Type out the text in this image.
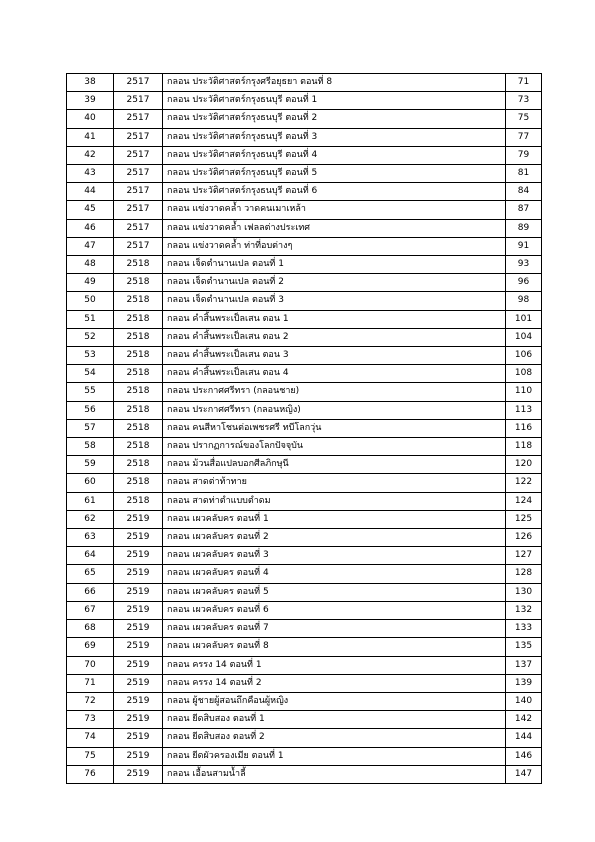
38	2517	กลอน ประวัติศาสตร์กรุงศรีอยุธยา ตอนที่ 8	71
39	2517	กลอน ประวัติศาสตร์กรุงธนบุรี ตอนที่ 1	73
40	2517	กลอน ประวัติศาสตร์กรุงธนบุรี ตอนที่ 2	75
41	2517	กลอน ประวัติศาสตร์กรุงธนบุรี ตอนที่ 3	77
42	2517	กลอน ประวัติศาสตร์กรุงธนบุรี ตอนที่ 4	79
43	2517	กลอน ประวัติศาสตร์กรุงธนบุรี ตอนที่ 5	81
44	2517	กลอน ประวัติศาสตร์กรุงธนบุรี ตอนที่ 6	84
45	2517	กลอน แข่งวาดคล้ำ วาดคนเมาเหล้า	87
46	2517	กลอน แข่งวาดคล้ำ เฟลลต่างประเทศ	89
47	2517	กลอน แข่งวาดคล้ำ ท่าที่อบต่างๆ	91
48	2518	กลอน เจ็ดตำนานเปล ตอนที่ 1	93
49	2518	กลอน เจ็ดตำนานเปล ตอนที่ 2	96
50	2518	กลอน เจ็ดตำนานเปล ตอนที่ 3	98
51	2518	กลอน คำสิ้นพระเป็ลเสน ตอน 1	101
52	2518	กลอน คำสิ้นพระเป็ลเสน ตอน 2	104
53	2518	กลอน คำสิ้นพระเป็ลเสน ตอน 3	106
54	2518	กลอน คำสิ้นพระเป็ลเสน ตอน 4	108
55	2518	กลอน ประกาศศรีทรา (กลอนชาย)	110
56	2518	กลอน ประกาศศรีทรา (กลอนหญิง)	113
57	2518	กลอน คนสีหาโชนต่อเพชรศรี ทบีโลกวุ่น	116
58	2518	กลอน ปรากฏการณ์ของโลกปัจจุบัน	118
59	2518	กลอน ม้วนสื่อแปลบอกศีลภิกษุนี	120
60	2518	กลอน สาดต่าท้าทาย	122
61	2518	กลอน สาดท่าตำแบบตำดม	124
62	2519	กลอน เผวคลับคร ตอนที่ 1	125
63	2519	กลอน เผวคลับคร ตอนที่ 2	126
64	2519	กลอน เผวคลับคร ตอนที่ 3	127
65	2519	กลอน เผวคลับคร ตอนที่ 4	128
66	2519	กลอน เผวคลับคร ตอนที่ 5	130
67	2519	กลอน เผวคลับคร ตอนที่ 6	132
68	2519	กลอน เผวคลับคร ตอนที่ 7	133
69	2519	กลอน เผวคลับคร ตอนที่ 8	135
70	2519	กลอน ครรง 14 ตอนที่ 1	137
71	2519	กลอน ครรง 14 ตอนที่ 2	139
72	2519	กลอน ผู้ชายผู้สอนถึกคือนผู้หญิง	140
73	2519	กลอน ยีดสิบสอง ตอนที่ 1	142
74	2519	กลอน ยีดสิบสอง ตอนที่ 2	144
75	2519	กลอน ยีดผัวครองเมีย ตอนที่ 1	146
76	2519	กลอน เอื้อนสามน้ำลี้	147
